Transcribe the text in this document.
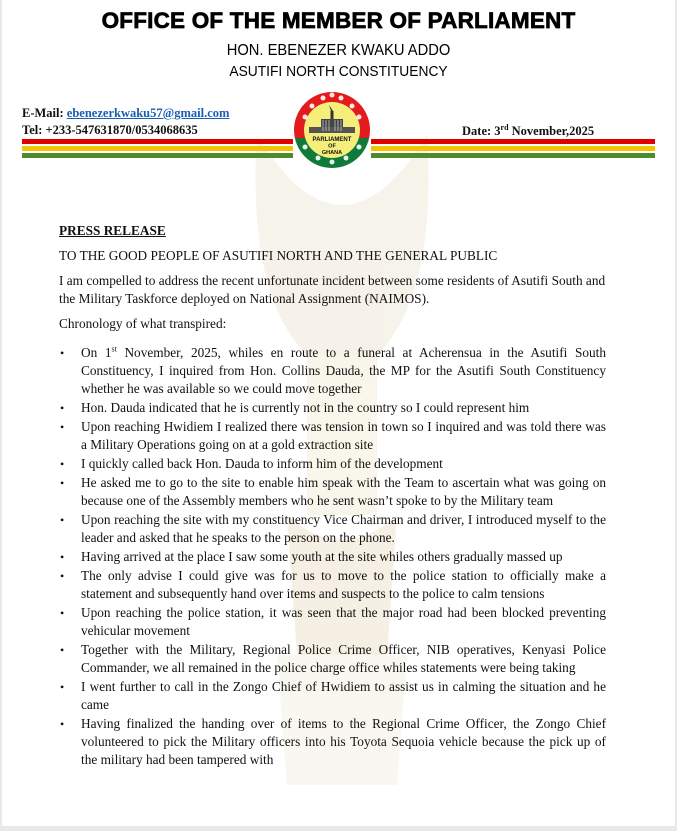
OFFICE OF THE MEMBER OF PARLIAMENT
HON. EBENEZER KWAKU ADDO
ASUTIFI NORTH CONSTITUENCY
E-Mail: ebenezerkwaku57@gmail.com
Tel: +233-547631870/0534068635	Date: 3rd November,2025
PARLIAMENT
OF
GHANA
PRESS RELEASE
TO THE GOOD PEOPLE OF ASUTIFI NORTH AND THE GENERAL PUBLIC
I am compelled to address the recent unfortunate incident between some residents of Asutifi South and the Military Taskforce deployed on National Assignment (NAIMOS).
Chronology of what transpired:
• On 1st November, 2025, whiles en route to a funeral at Acherensua in the Asutifi South Constituency, I inquired from Hon. Collins Dauda, the MP for the Asutifi South Constituency whether he was available so we could move together
• Hon. Dauda indicated that he is currently not in the country so I could represent him
• Upon reaching Hwidiem I realized there was tension in town so I inquired and was told there was a Military Operations going on at a gold extraction site
• I quickly called back Hon. Dauda to inform him of the development
• He asked me to go to the site to enable him speak with the Team to ascertain what was going on because one of the Assembly members who he sent wasn’t spoke to by the Military team
• Upon reaching the site with my constituency Vice Chairman and driver, I introduced myself to the leader and asked that he speaks to the person on the phone.
• Having arrived at the place I saw some youth at the site whiles others gradually massed up
• The only advise I could give was for us to move to the police station to officially make a statement and subsequently hand over items and suspects to the police to calm tensions
• Upon reaching the police station, it was seen that the major road had been blocked preventing vehicular movement
• Together with the Military, Regional Police Crime Officer, NIB operatives, Kenyasi Police Commander, we all remained in the police charge office whiles statements were being taking
• I went further to call in the Zongo Chief of Hwidiem to assist us in calming the situation and he came
• Having finalized the handing over of items to the Regional Crime Officer, the Zongo Chief volunteered to pick the Military officers into his Toyota Sequoia vehicle because the pick up of the military had been tampered with
